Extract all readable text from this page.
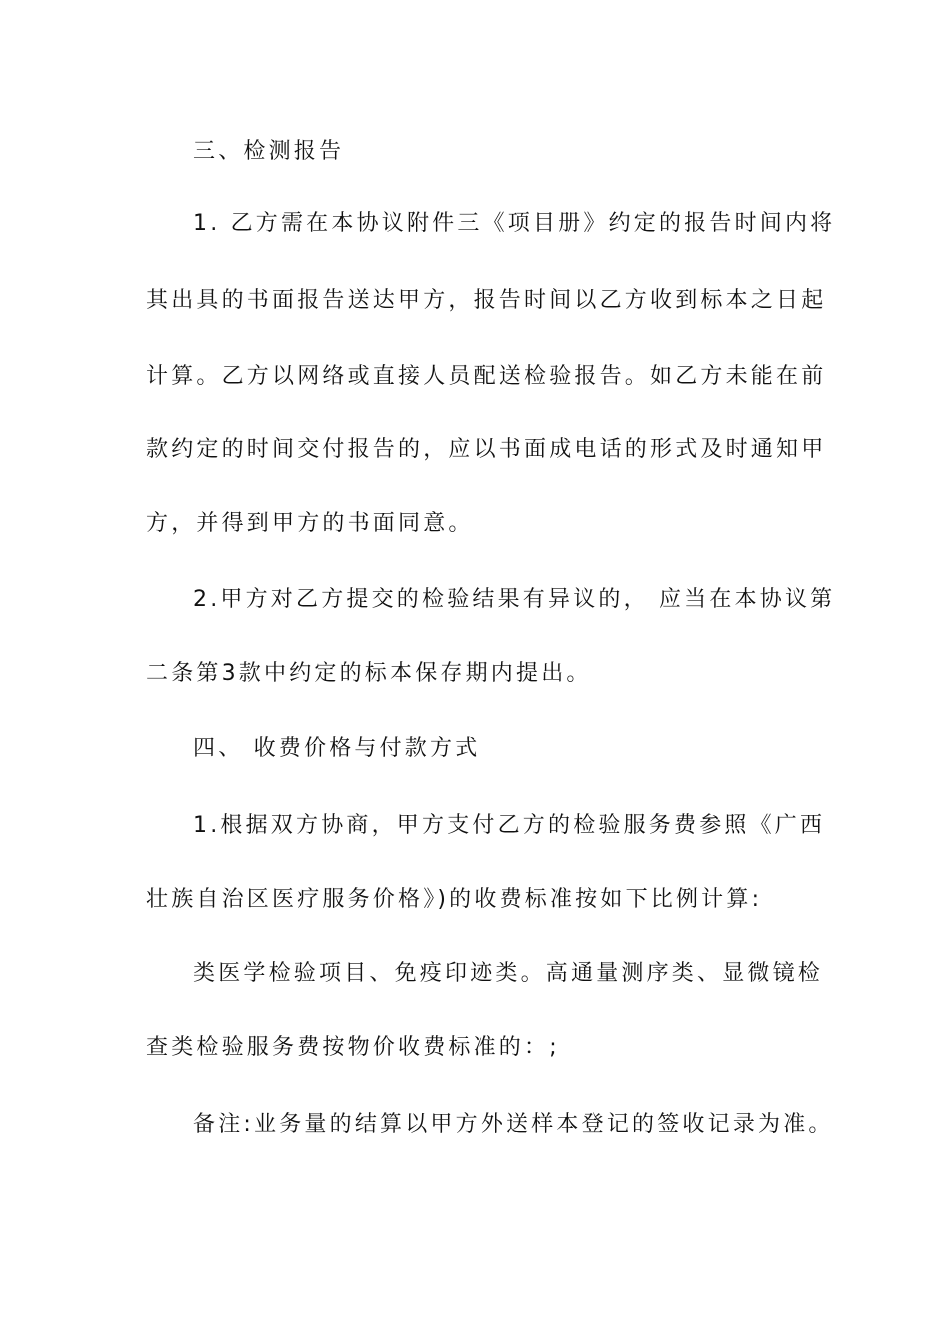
三、检测报告
1. 乙方需在本协议附件三《项目册》约定的报告时间内将
其出具的书面报告送达甲方，报告时间以乙方收到标本之日起
计算。乙方以网络或直接人员配送检验报告。如乙方未能在前
款约定的时间交付报告的，应以书面成电话的形式及时通知甲
方，并得到甲方的书面同意。
2.甲方对乙方提交的检验结果有异议的， 应当在本协议第
二条第3款中约定的标本保存期内提出。
四、 收费价格与付款方式
1.根据双方协商，甲方支付乙方的检验服务费参照《广西
壮族自治区医疗服务价格》)的收费标准按如下比例计算:
类医学检验项目、免疫印迹类。高通量测序类、显微镜检
查类检验服务费按物价收费标准的：;
备注:业务量的结算以甲方外送样本登记的签收记录为准。
